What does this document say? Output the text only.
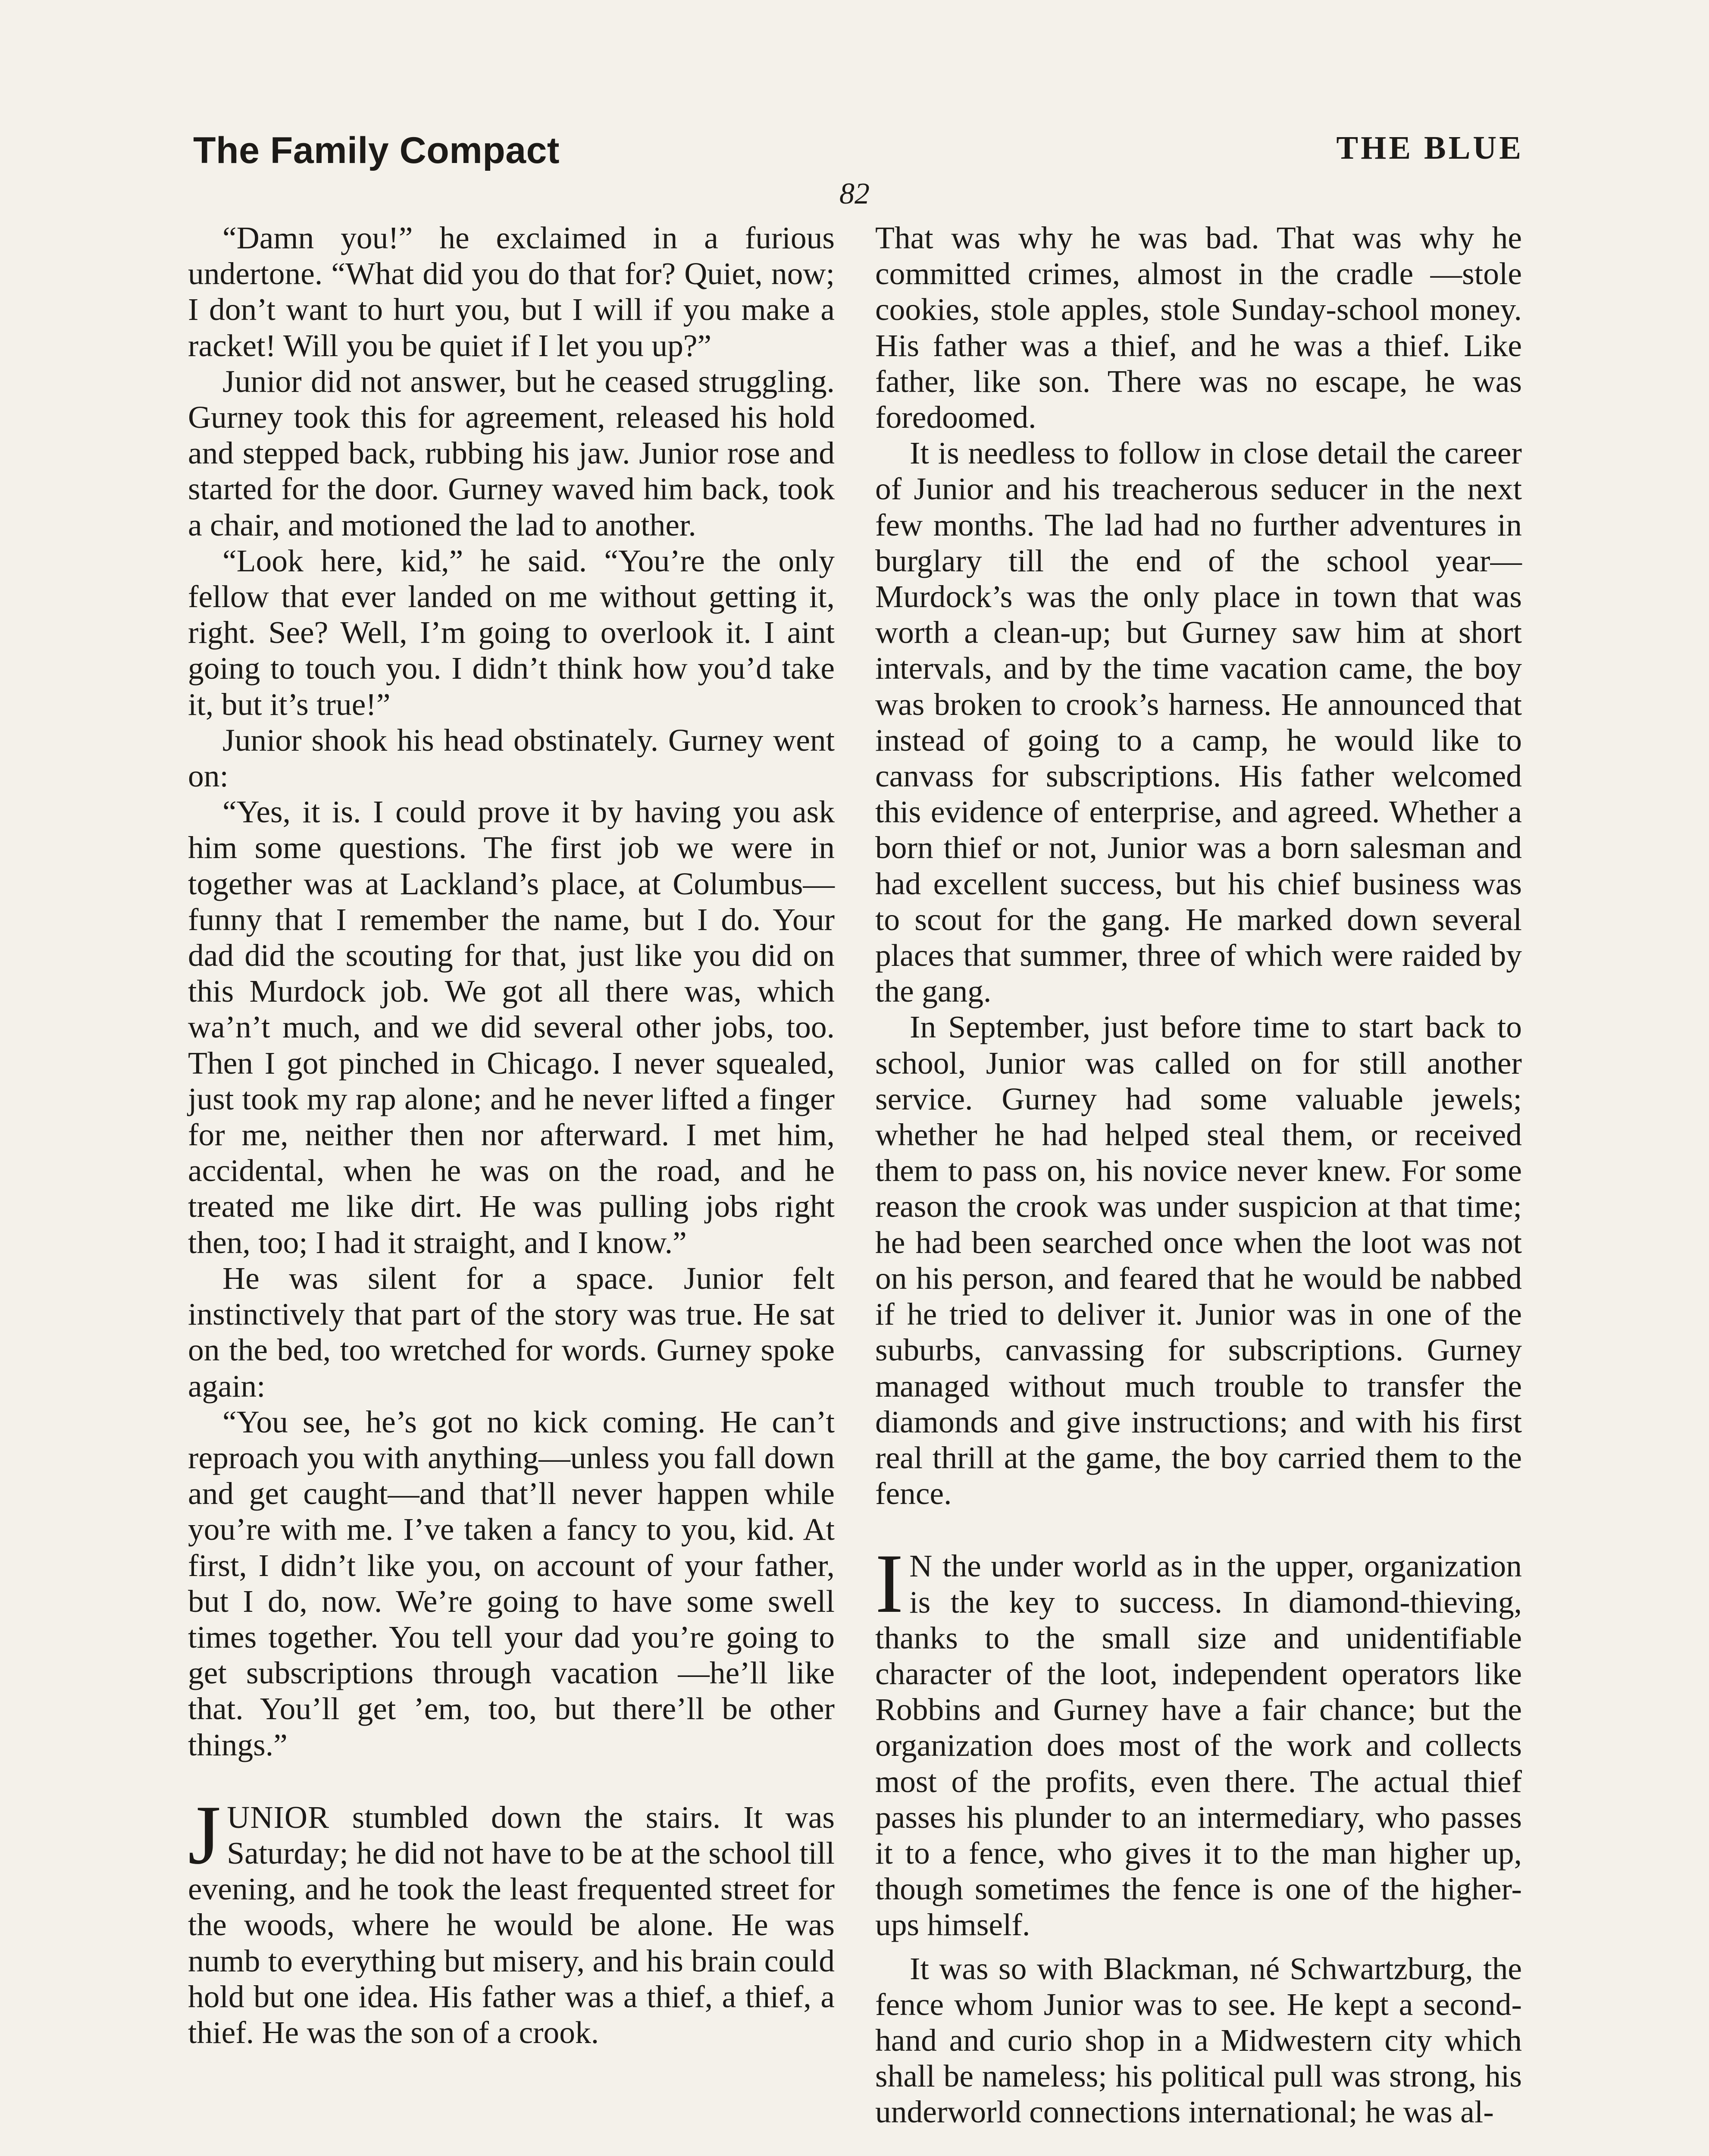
The Family Compact	THE BLUE
82

“Damn you!” he exclaimed in a furious undertone. “What did you do that for? Quiet, now; I don’t want to hurt you, but I will if you make a racket! Will you be quiet if I let you up?”

Junior did not answer, but he ceased struggling. Gurney took this for agreement, released his hold and stepped back, rubbing his jaw. Junior rose and started for the door. Gurney waved him back, took a chair, and motioned the lad to another.

“Look here, kid,” he said. “You’re the only fellow that ever landed on me without getting it, right. See? Well, I’m going to overlook it. I aint going to touch you. I didn’t think how you’d take it, but it’s true!”

Junior shook his head obstinately. Gurney went on:

“Yes, it is. I could prove it by having you ask him some questions. The first job we were in together was at Lackland’s place, at Columbus—funny that I remember the name, but I do. Your dad did the scouting for that, just like you did on this Murdock job. We got all there was, which wa’n’t much, and we did several other jobs, too. Then I got pinched in Chicago. I never squealed, just took my rap alone; and he never lifted a finger for me, neither then nor afterward. I met him, accidental, when he was on the road, and he treated me like dirt. He was pulling jobs right then, too; I had it straight, and I know.”

He was silent for a space. Junior felt instinctively that part of the story was true. He sat on the bed, too wretched for words. Gurney spoke again:

“You see, he’s got no kick coming. He can’t reproach you with anything—unless you fall down and get caught—and that’ll never happen while you’re with me. I’ve taken a fancy to you, kid. At first, I didn’t like you, on account of your father, but I do, now. We’re going to have some swell times together. You tell your dad you’re going to get subscriptions through vacation —he’ll like that. You’ll get ’em, too, but there’ll be other things.”

JUNIOR stumbled down the stairs. It was Saturday; he did not have to be at the school till evening, and he took the least frequented street for the woods, where he would be alone. He was numb to everything but misery, and his brain could hold but one idea. His father was a thief, a thief, a thief. He was the son of a crook.

That was why he was bad. That was why he committed crimes, almost in the cradle —stole cookies, stole apples, stole Sunday-school money. His father was a thief, and he was a thief. Like father, like son. There was no escape, he was foredoomed.

It is needless to follow in close detail the career of Junior and his treacherous seducer in the next few months. The lad had no further adventures in burglary till the end of the school year—Murdock’s was the only place in town that was worth a clean-up; but Gurney saw him at short intervals, and by the time vacation came, the boy was broken to crook’s harness. He announced that instead of going to a camp, he would like to canvass for subscriptions. His father welcomed this evidence of enterprise, and agreed. Whether a born thief or not, Junior was a born salesman and had excellent success, but his chief business was to scout for the gang. He marked down several places that summer, three of which were raided by the gang.

In September, just before time to start back to school, Junior was called on for still another service. Gurney had some valuable jewels; whether he had helped steal them, or received them to pass on, his novice never knew. For some reason the crook was under suspicion at that time; he had been searched once when the loot was not on his person, and feared that he would be nabbed if he tried to deliver it. Junior was in one of the suburbs, canvassing for subscriptions. Gurney managed without much trouble to transfer the diamonds and give instructions; and with his first real thrill at the game, the boy carried them to the fence.

I N the under world as in the upper, organization is the key to success. In diamond-thieving, thanks to the small size and unidentifiable character of the loot, independent operators like Robbins and Gurney have a fair chance; but the organization does most of the work and collects most of the profits, even there. The actual thief passes his plunder to an intermediary, who passes it to a fence, who gives it to the man higher up, though sometimes the fence is one of the higher-ups himself.

It was so with Blackman, né Schwartzburg, the fence whom Junior was to see. He kept a second-hand and curio shop in a Midwestern city which shall be nameless; his political pull was strong, his underworld connections international; he was al-
